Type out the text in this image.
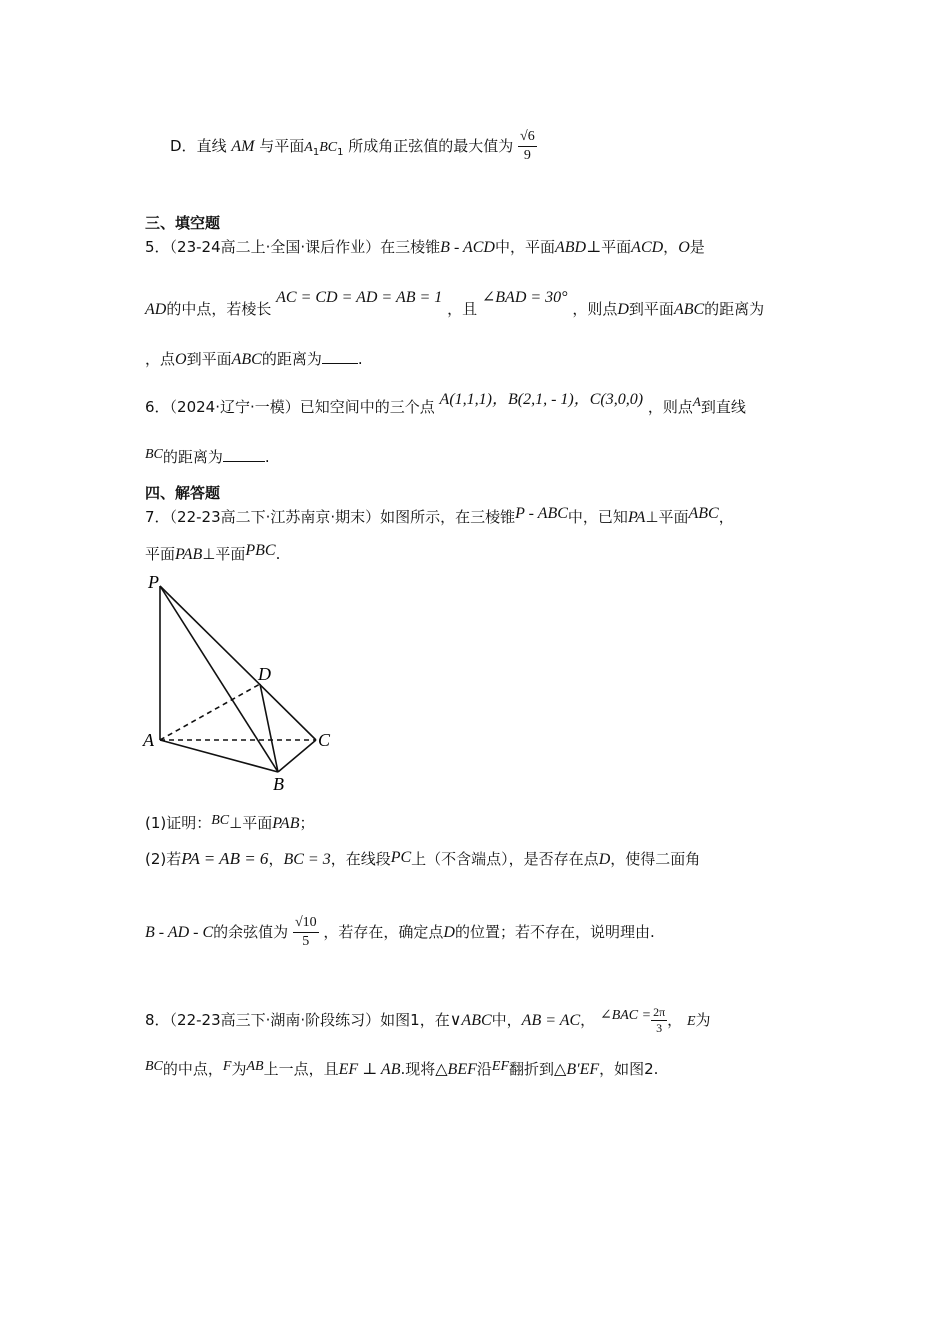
D．直线 AM 与平面$A_1BC_1$ 所成角正弦值的最大值为 $\frac{√6}{9}$
三、填空题
5．（23-24高二上·全国·课后作业）在三棱锥B - ACD中，平面ABD⊥平面ACD，O是
AD的中点，若棱长 AC = CD = AD = AB = 1 ，且 ∠BAD = 30° ，则点D到平面ABC的距离为
，点O到平面ABC的距离为 .
6．（2024·辽宁·一模）已知空间中的三个点 A(1,1,1)，B(2,1, - 1)，C(3,0,0) ，则点A到直线
BC的距离为	.
四、解答题
7．（22-23高二下·江苏南京·期末）如图所示，在三棱锥P - ABC中，已知PA⊥平面ABC，
平面PAB⊥平面PBC.
P
D
A	C
B
(1)证明：BC⊥平面PAB；
(2)若PA = AB = 6，BC = 3，在线段PC上（不含端点），是否存在点D，使得二面角
B - AD - C的余弦值为 $\frac{√10}{5}$ ，若存在，确定点D的位置；若不存在，说明理由.
8．（22-23高三下·湖南·阶段练习）如图1，在∨ABC中，AB = AC， ∠BAC = $\frac{2\pi}{3}$ ， E为
BC的中点，F为AB上一点，且EF ⊥ AB.现将△BEF沿EF翻折到△B′EF，如图2.
